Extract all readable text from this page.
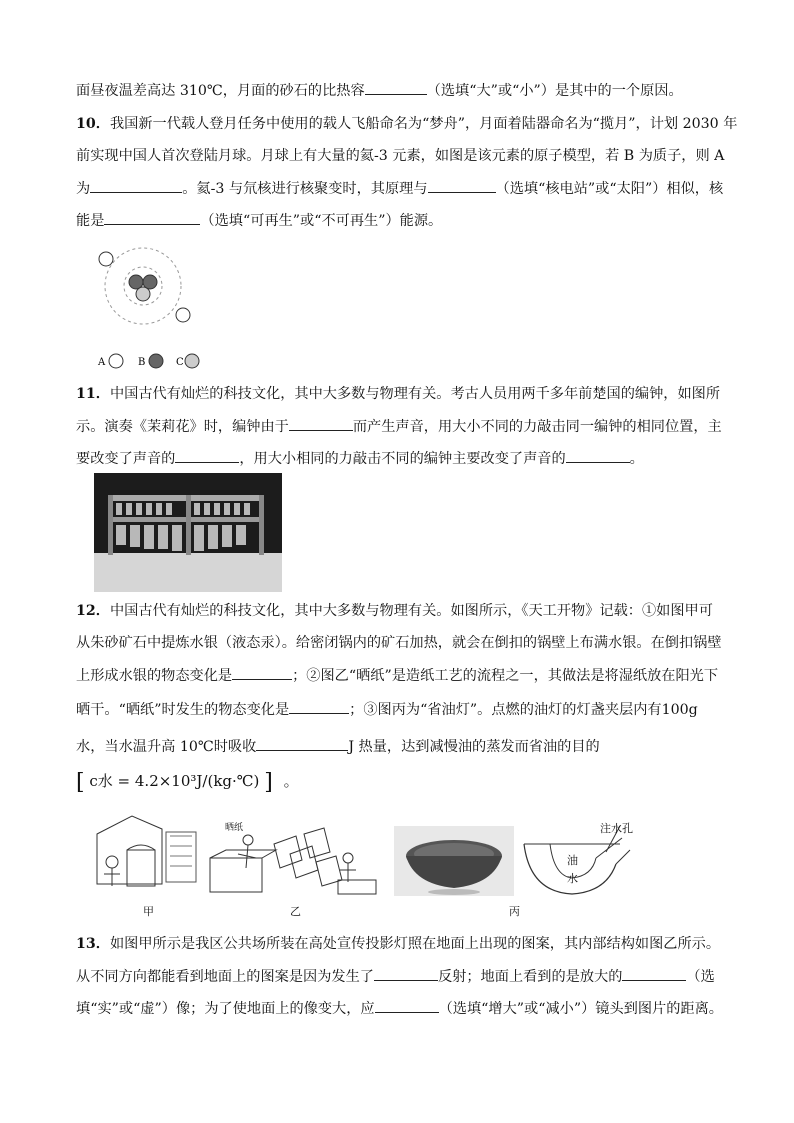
面昼夜温差高达 310℃，月面的砂石的比热容	（选填“大”或“小”）是其中的一个原因。
10．我国新一代载人登月任务中使用的载人飞船命名为“梦舟”，月面着陆器命名为“揽月”，计划 2030 年
前实现中国人首次登陆月球。月球上有大量的氦-3 元素，如图是该元素的原子模型，若 B 为质子，则 A
为	。氦-3 与氘核进行核聚变时，其原理与	（选填“核电站”或“太阳”）相似，核
能是	（选填“可再生”或“不可再生”）能源。
A	B	C
11．中国古代有灿烂的科技文化，其中大多数与物理有关。考古人员用两千多年前楚国的编钟，如图所
示。演奏《茉莉花》时，编钟由于	而产生声音，用大小不同的力敲击同一编钟的相同位置，主
要改变了声音的	，用大小相同的力敲击不同的编钟主要改变了声音的	。
12．中国古代有灿烂的科技文化，其中大多数与物理有关。如图所示，《天工开物》记载：①如图甲可
从朱砂矿石中提炼水银（液态汞）。给密闭锅内的矿石加热，就会在倒扣的锅壁上布满水银。在倒扣锅壁
上形成水银的物态变化是	；②图乙“晒纸”是造纸工艺的流程之一，其做法是将湿纸放在阳光下
晒干。“晒纸”时发生的物态变化是	；③图丙为“省油灯”。点燃的油灯的灯盏夹层内有100g
水，当水温升高 10℃时吸收	J 热量，达到减慢油的蒸发而省油的目的
[ c水 = 4.2×10³J/(kg·℃) ] 。
甲
晒纸
乙	丙
注水孔
油
水
13．如图甲所示是我区公共场所装在高处宣传投影灯照在地面上出现的图案，其内部结构如图乙所示。
从不同方向都能看到地面上的图案是因为发生了	反射；地面上看到的是放大的	（选
填“实”或“虚”）像；为了使地面上的像变大，应	（选填“增大”或“减小”）镜头到图片的距离。
